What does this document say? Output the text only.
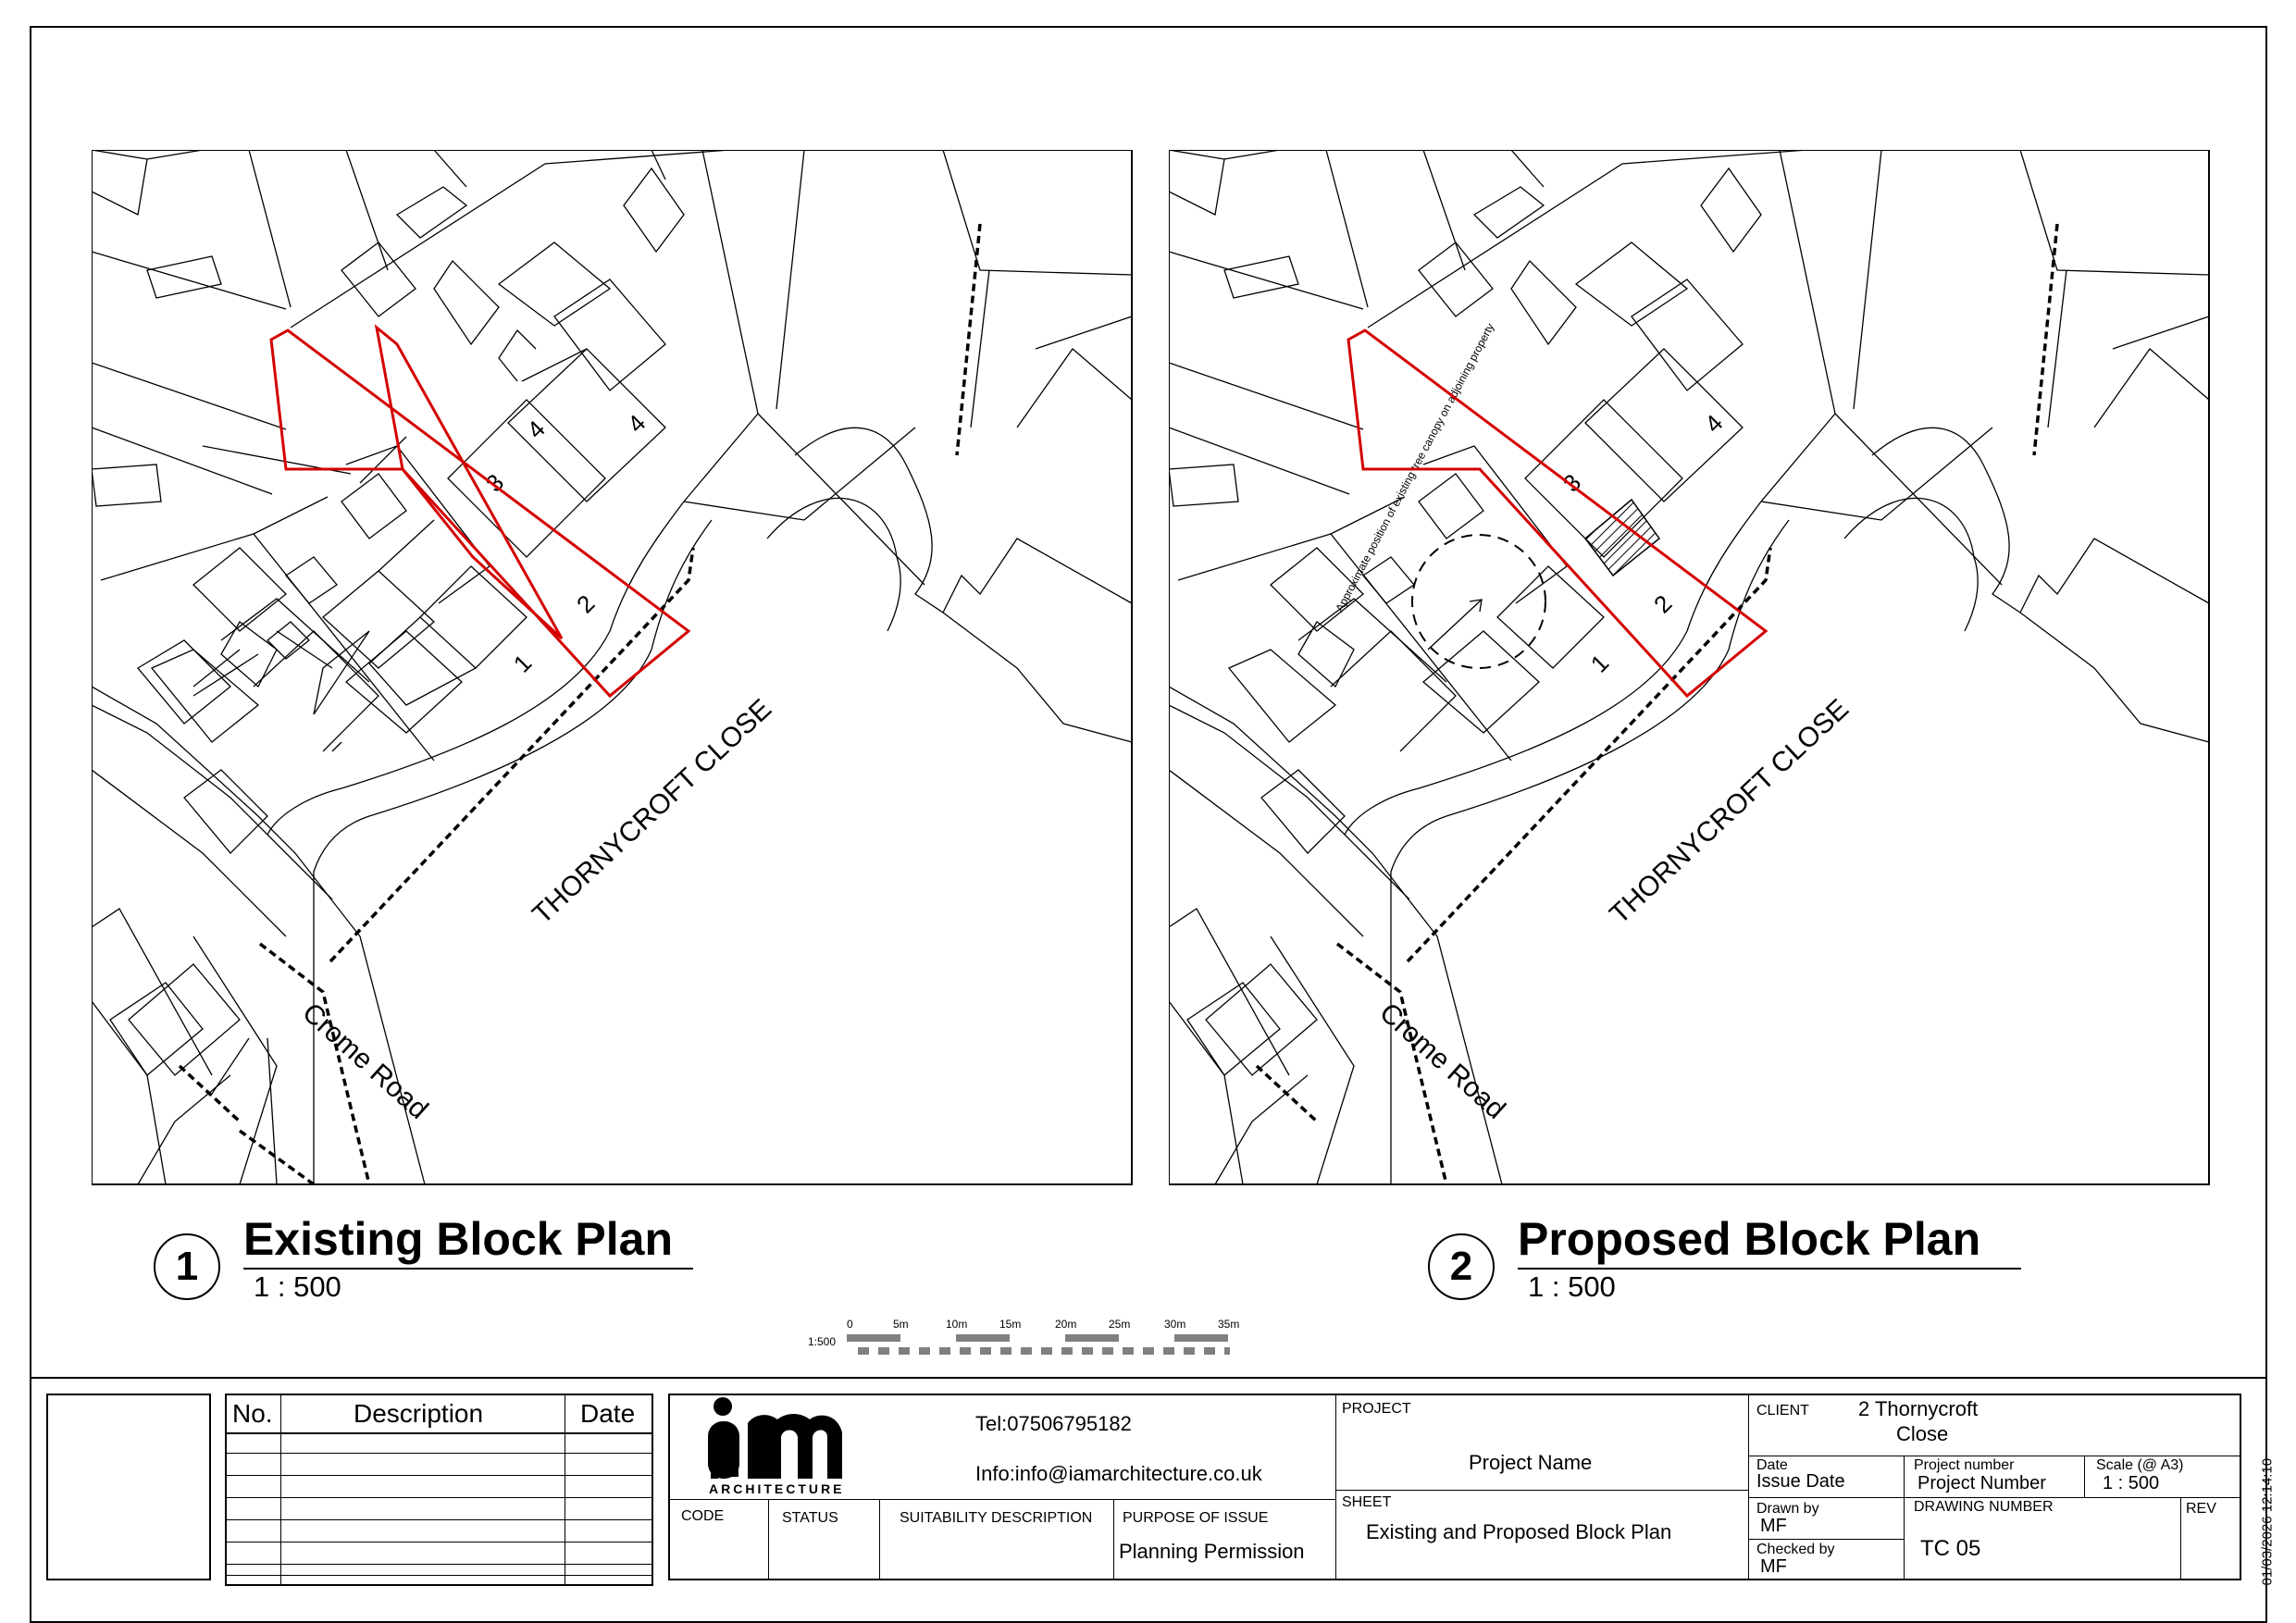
4	4
3
2
1
THORNYCROFT CLOSE
Crome Road
4
2
1
3
THORNYCROFT CLOSE
Crome Road
Approximate position of existing tree canopy on adjoining property
1
Existing Block Plan
1 : 500	2
Proposed Block Plan
1 : 500
1:500
0	5m	10m	15m	20m	25m	30m	35m
No.	Description	Date
ARCHITECTURE
Tel:07506795182
Info:info@iamarchitecture.co.uk
CODE	STATUS	SUITABILITY DESCRIPTION PURPOSE OF ISSUE
Planning Permission
PROJECT
Project Name
SHEET
Existing and Proposed Block Plan
CLIENT 2 Thornycroft
Close
Date
Issue Date
Project number
Project Number
Scale (@ A3)
1 : 500
Drawn by
MF
Checked by
MF
DRAWING NUMBER
TC 05
REV	01/03/2026 12:14:10
